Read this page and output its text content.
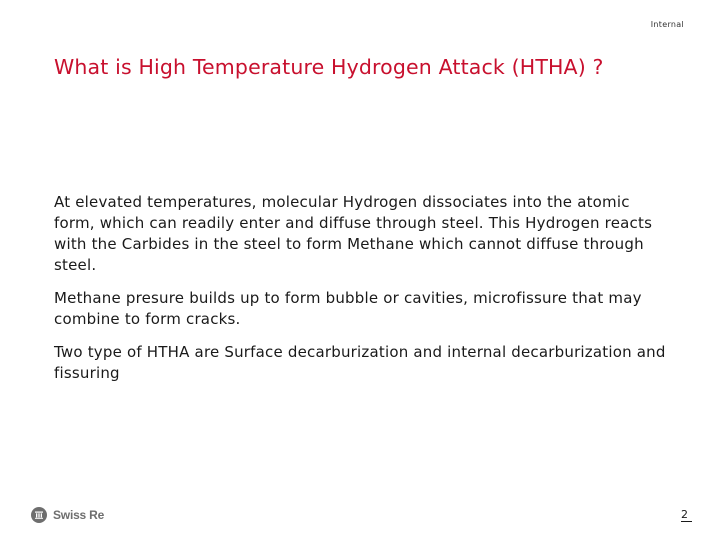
Internal
What is High Temperature Hydrogen Attack (HTHA) ?

At elevated temperatures, molecular Hydrogen dissociates into the atomic form, which can readily enter and diffuse through steel. This Hydrogen reacts with the Carbides in the steel to form Methane which cannot diffuse through steel.

Methane presure builds up to form bubble or cavities, microfissure that may combine to form cracks.

Two type of HTHA are Surface decarburization and internal decarburization and fissuring

Swiss Re	2
